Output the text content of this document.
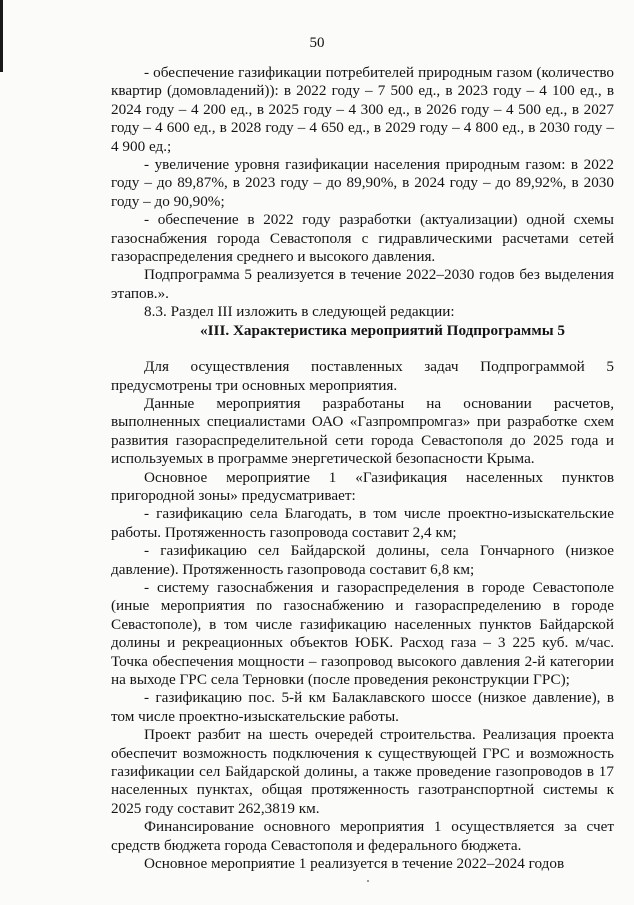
50

- обеспечение газификации потребителей природным газом (количество квартир (домовладений)): в 2022 году – 7 500 ед., в 2023 году – 4 100 ед., в 2024 году – 4 200 ед., в 2025 году – 4 300 ед., в 2026 году – 4 500 ед., в 2027 году – 4 600 ед., в 2028 году – 4 650 ед., в 2029 году – 4 800 ед., в 2030 году – 4 900 ед.;

- увеличение уровня газификации населения природным газом: в 2022 году – до 89,87%, в 2023 году – до 89,90%, в 2024 году – до 89,92%, в 2030 году – до 90,90%;

- обеспечение в 2022 году разработки (актуализации) одной схемы газоснабжения города Севастополя с гидравлическими расчетами сетей газораспределения среднего и высокого давления.

Подпрограмма 5 реализуется в течение 2022–2030 годов без выделения этапов.».

8.3. Раздел III изложить в следующей редакции:

«III. Характеристика мероприятий Подпрограммы 5

Для осуществления поставленных задач Подпрограммой 5 предусмотрены три основных мероприятия.

Данные мероприятия разработаны на основании расчетов, выполненных специалистами ОАО «Газпромпромгаз» при разработке схем развития газораспределительной сети города Севастополя до 2025 года и используемых в программе энергетической безопасности Крыма.

Основное мероприятие 1 «Газификация населенных пунктов пригородной зоны» предусматривает:

- газификацию села Благодать, в том числе проектно-изыскательские работы. Протяженность газопровода составит 2,4 км;

- газификацию сел Байдарской долины, села Гончарного (низкое давление). Протяженность газопровода составит 6,8 км;

- систему газоснабжения и газораспределения в городе Севастополе (иные мероприятия по газоснабжению и газораспределению в городе Севастополе), в том числе газификацию населенных пунктов Байдарской долины и рекреационных объектов ЮБК. Расход газа – 3 225 куб. м/час. Точка обеспечения мощности – газопровод высокого давления 2-й категории на выходе ГРС села Терновки (после проведения реконструкции ГРС);

- газификацию пос. 5-й км Балаклавского шоссе (низкое давление), в том числе проектно-изыскательские работы.

Проект разбит на шесть очередей строительства. Реализация проекта обеспечит возможность подключения к существующей ГРС и возможность газификации сел Байдарской долины, а также проведение газопроводов в 17 населенных пунктах, общая протяженность газотранспортной системы к 2025 году составит 262,3819 км.

Финансирование основного мероприятия 1 осуществляется за счет средств бюджета города Севастополя и федерального бюджета.

Основное мероприятие 1 реализуется в течение 2022–2024 годов
